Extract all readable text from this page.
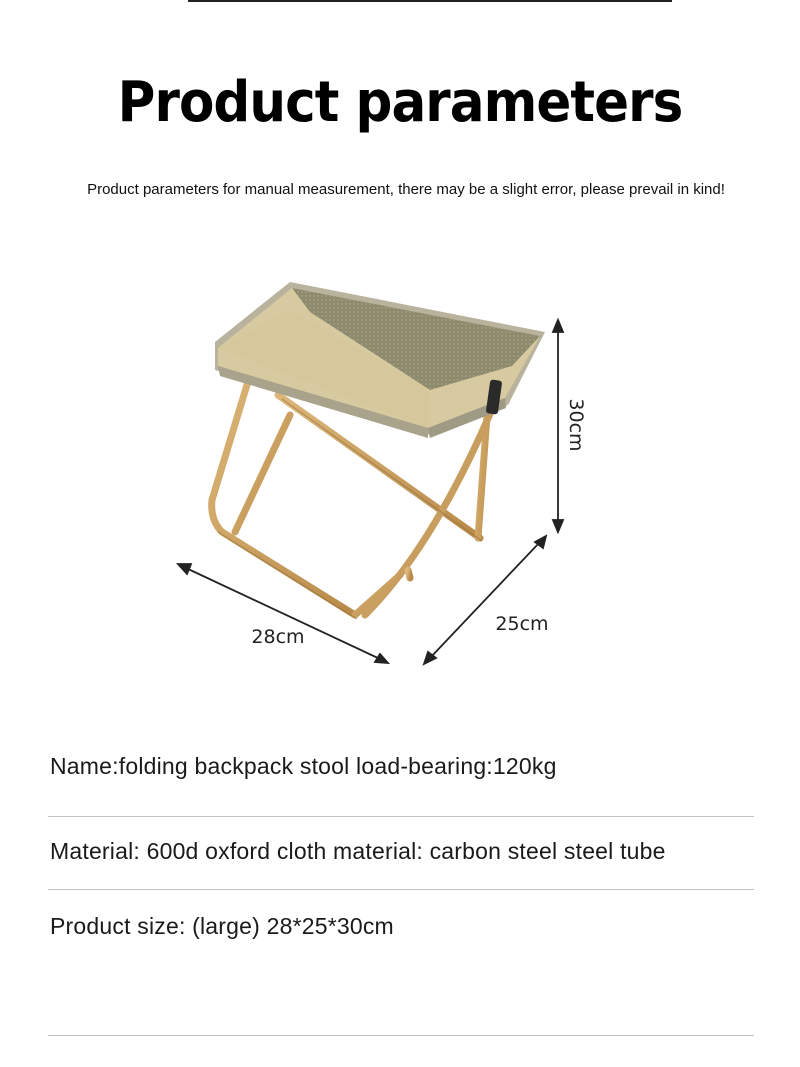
Product parameters
Product parameters for manual measurement, there may be a slight error, please prevail in kind!
30cm
25cm
28cm
Name:folding backpack stool load-bearing:120kg
Material: 600d oxford cloth material: carbon steel steel tube
Product size: (large) 28*25*30cm
